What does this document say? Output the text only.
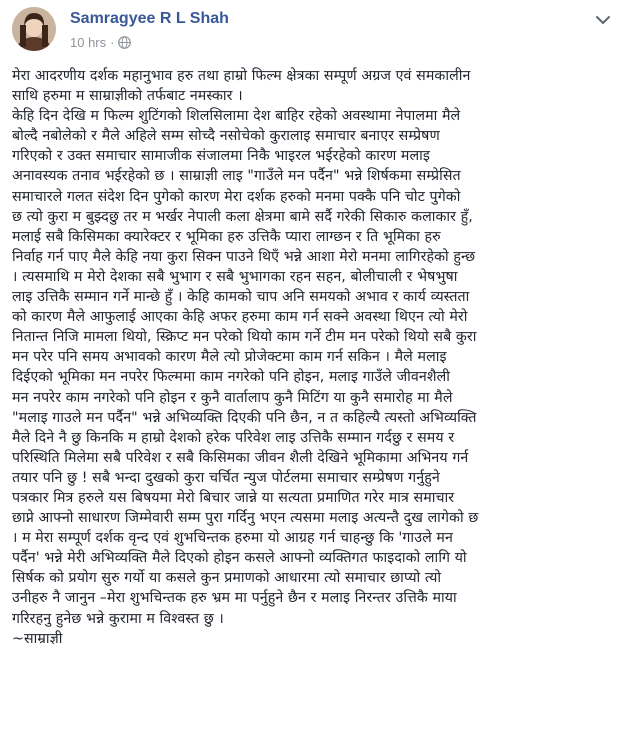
Samragyee R L Shah
10 hrs ·
मेरा आदरणीय दर्शक महानुभाव हरु तथा हाम्रो फिल्म क्षेत्रका सम्पूर्ण अग्रज एवं समकालीन
साथि हरुमा म साम्राज्ञीको तर्फबाट नमस्कार ।
केहि दिन देखि म फिल्म शुटिंगको शिलसिलामा देश बाहिर रहेको अवस्थामा नेपालमा मैले
बोल्दै नबोलेको र मैले अहिले सम्म सोच्दै नसोचेको कुरालाइ समाचार बनाएर सम्प्रेषण
गरिएको र उक्त समाचार सामाजीक संजालमा निकै भाइरल भईरहेको कारण मलाइ
अनावस्यक तनाव भईरहेको छ । साम्राज्ञी लाइ "गाउँले मन पर्दैन" भन्ने शिर्षकमा सम्प्रेसित
समाचारले गलत संदेश दिन पुगेको कारण मेरा दर्शक हरुको मनमा पक्कै पनि चोट पुगेको
छ त्यो कुरा म बुझ्दछु तर म भर्खर नेपाली कला क्षेत्रमा बामे सर्दै गरेकी सिकारु कलाकार हुँ,
मलाई सबै किसिमका क्यारेक्टर र भूमिका हरु उत्तिकै प्यारा लाग्छन र ति भूमिका हरु
निर्वाह गर्न पाए मैले केहि नया कुरा सिक्न पाउने थिएँ भन्ने आशा मेरो मनमा लागिरहेको हुन्छ
। त्यसमाथि म मेरो देशका सबै भुभाग र सबै भुभागका रहन सहन, बोलीचाली र भेषभुषा
लाइ उत्तिकै सम्मान गर्ने मान्छे हुँ । केहि कामको चाप अनि समयको अभाव र कार्य व्यस्तता
को कारण मैले आफुलाई आएका केहि अफर हरुमा काम गर्न सक्ने अवस्था थिएन त्यो मेरो
नितान्त निजि मामला थियो, स्क्रिप्ट मन परेको थियो काम गर्ने टीम मन परेको थियो सबै कुरा
मन परेर पनि समय अभावको कारण मैले त्यो प्रोजेक्टमा काम गर्न सकिन । मैले मलाइ
दिईएको भूमिका मन नपरेर फिल्ममा काम नगरेको पनि होइन, मलाइ गाउँले जीवनशैली
मन नपरेर काम नगरेको पनि होइन र कुनै वार्तालाप कुनै मिटिंग या कुनै समारोह मा मैले
"मलाइ गाउले मन पर्दैन" भन्ने अभिव्यक्ति दिएकी पनि छैन, न त कहिल्यै त्यस्तो अभिव्यक्ति
मैले दिने नै छु किनकि म हाम्रो देशको हरेक परिवेश लाइ उत्तिकै सम्मान गर्दछु र समय र
परिस्थिति मिलेमा सबै परिवेश र सबै किसिमका जीवन शैली देखिने भूमिकामा अभिनय गर्न
तयार पनि छु ! सबै भन्दा दुखको कुरा चर्चित न्युज पोर्टलमा समाचार सम्प्रेषण गर्नुहुने
पत्रकार मित्र हरुले यस बिषयमा मेरो बिचार जान्ने या सत्यता प्रमाणित गरेर मात्र समाचार
छाप्ने आफ्नो साधारण जिम्मेवारी सम्म पुरा गर्दिनु भएन त्यसमा मलाइ अत्यन्तै दुख लागेको छ
। म मेरा सम्पूर्ण दर्शक वृन्द एवं शुभचिन्तक हरुमा यो आग्रह गर्न चाहन्छु कि 'गाउले मन
पर्दैन' भन्ने मेरी अभिव्यक्ति मैले दिएको होइन कसले आफ्नो व्यक्तिगत फाइदाको लागि यो
सिर्षक को प्रयोग सुरु गर्यो या कसले कुन प्रमाणको आधारमा त्यो समाचार छाप्यो त्यो
उनीहरु नै जानुन –मेरा शुभचिन्तक हरु भ्रम मा पर्नुहुने छैन र मलाइ निरन्तर उत्तिकै माया
गरिरहनु हुनेछ भन्ने कुरामा म विश्वस्त छु ।
~साम्राज्ञी
